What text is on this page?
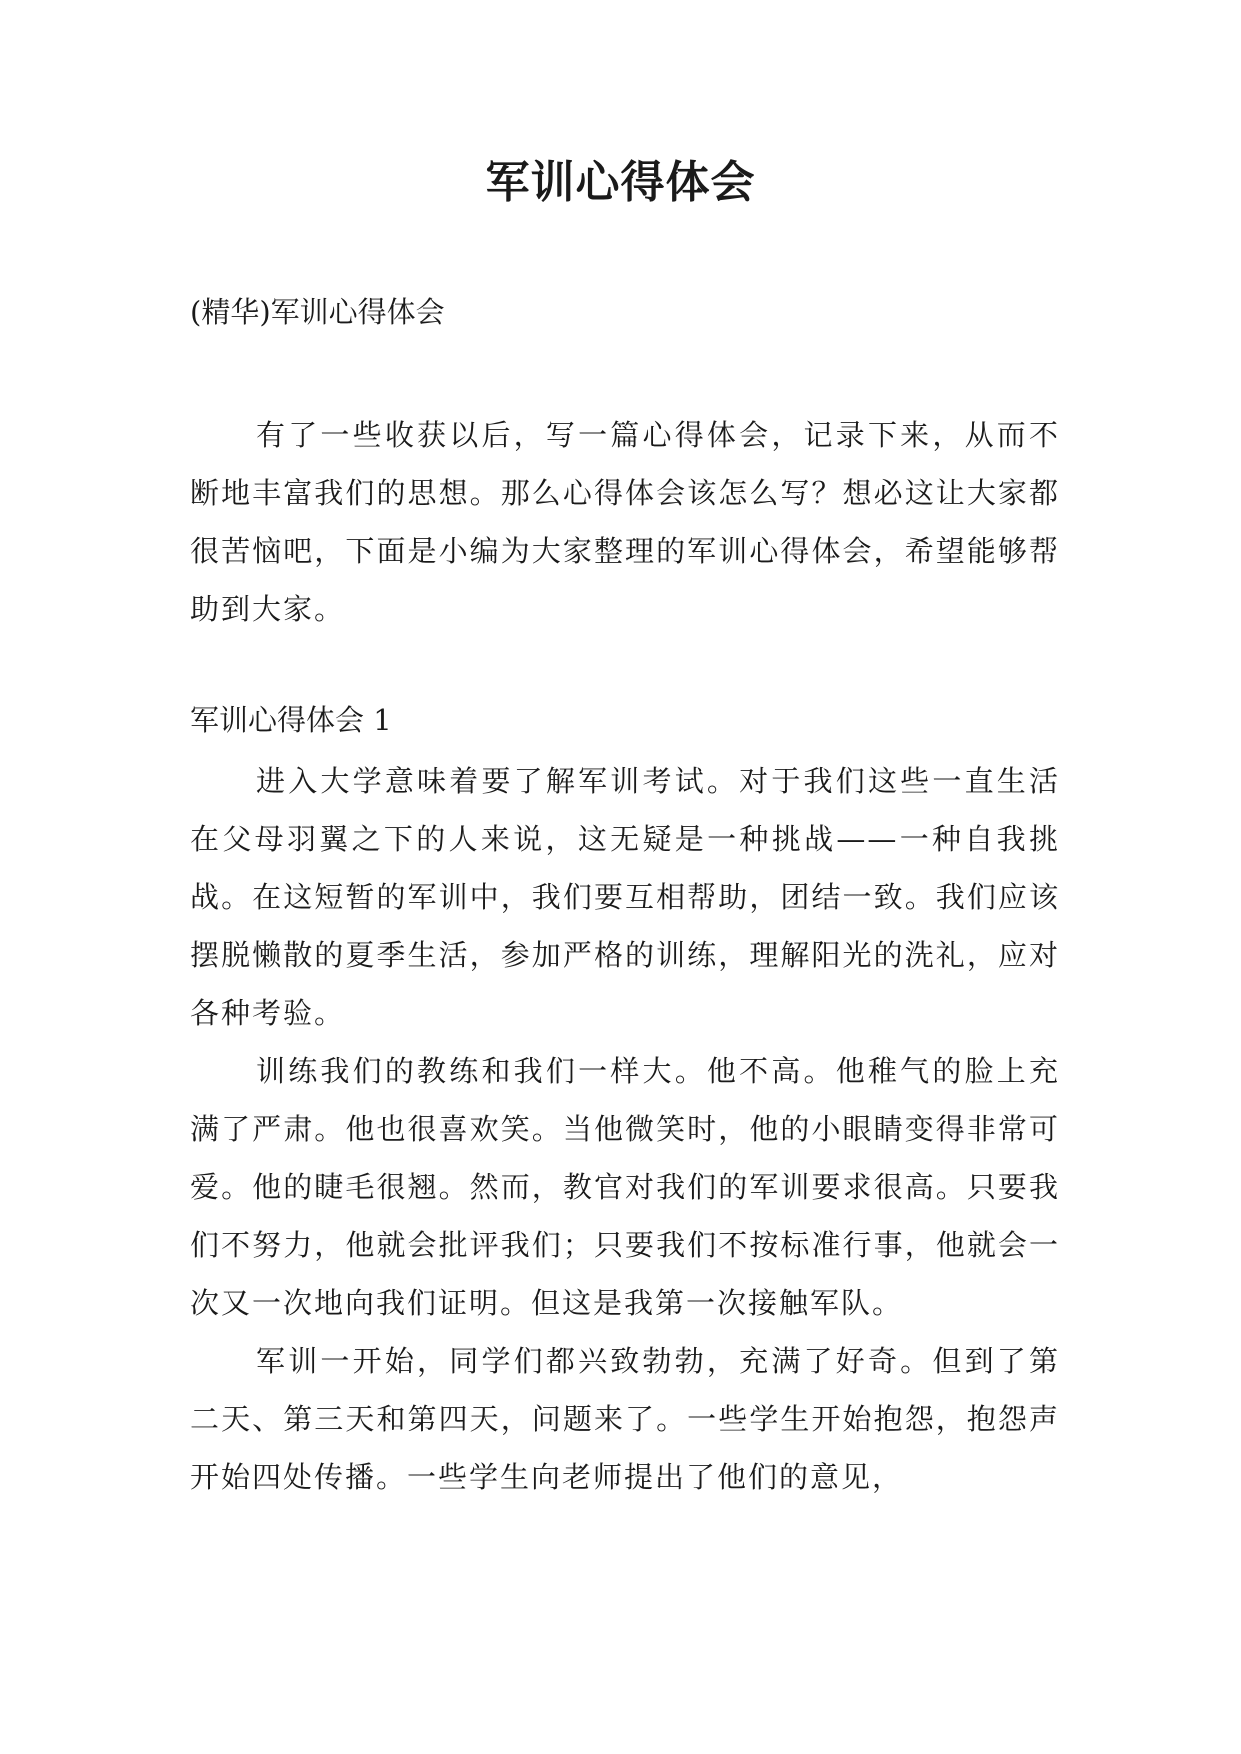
军训心得体会

(精华)军训心得体会

有了一些收获以后，写一篇心得体会，记录下来，从而不断地丰富我们的思想。那么心得体会该怎么写？想必这让大家都很苦恼吧，下面是小编为大家整理的军训心得体会，希望能够帮助到大家。

军训心得体会 1

进入大学意味着要了解军训考试。对于我们这些一直生活在父母羽翼之下的人来说，这无疑是一种挑战——一种自我挑战。在这短暂的军训中，我们要互相帮助，团结一致。我们应该摆脱懒散的夏季生活，参加严格的训练，理解阳光的洗礼，应对各种考验。

训练我们的教练和我们一样大。他不高。他稚气的脸上充满了严肃。他也很喜欢笑。当他微笑时，他的小眼睛变得非常可爱。他的睫毛很翘。然而，教官对我们的军训要求很高。只要我们不努力，他就会批评我们；只要我们不按标准行事，他就会一次又一次地向我们证明。但这是我第一次接触军队。

军训一开始，同学们都兴致勃勃，充满了好奇。但到了第二天、第三天和第四天，问题来了。一些学生开始抱怨，抱怨声开始四处传播。一些学生向老师提出了他们的意见，
